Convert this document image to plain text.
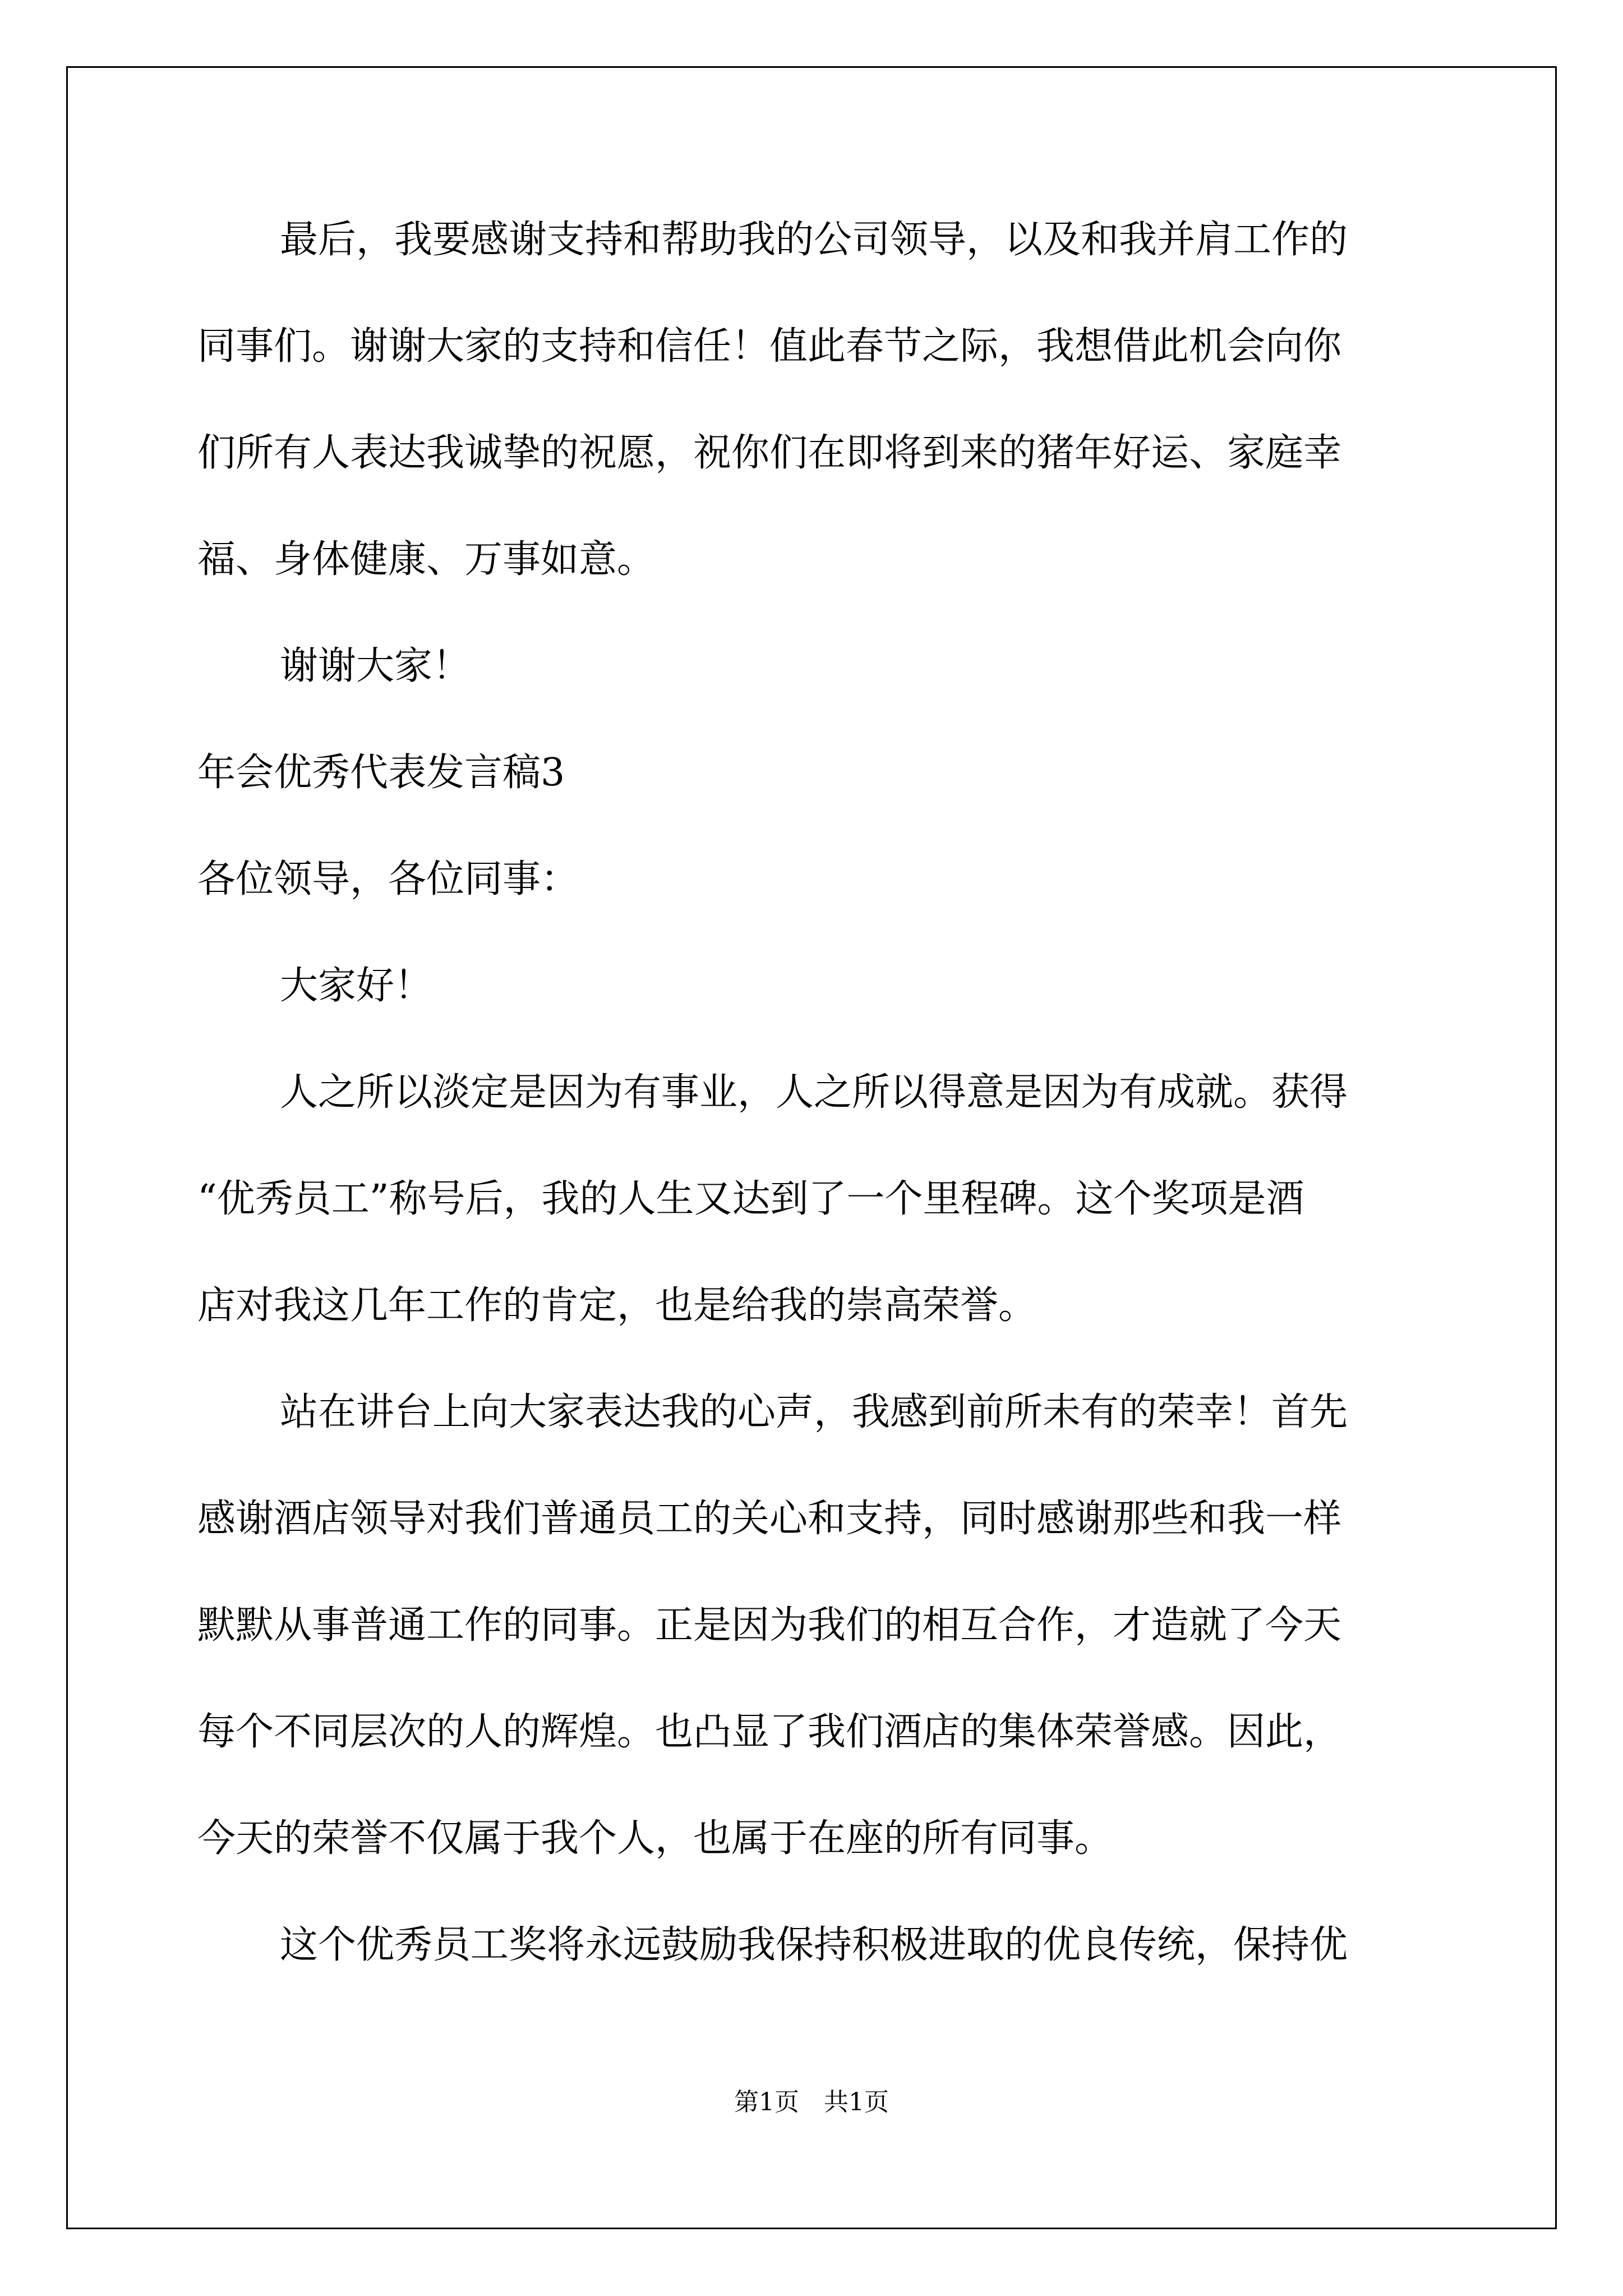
最后，我要感谢支持和帮助我的公司领导，以及和我并肩工作的
同事们。谢谢大家的支持和信任！值此春节之际，我想借此机会向你
们所有人表达我诚挚的祝愿，祝你们在即将到来的猪年好运、家庭幸
福、身体健康、万事如意。
谢谢大家！
年会优秀代表发言稿3
各位领导，各位同事：
大家好！
人之所以淡定是因为有事业，人之所以得意是因为有成就。获得
“优秀员工”称号后，我的人生又达到了一个里程碑。这个奖项是酒
店对我这几年工作的肯定，也是给我的崇高荣誉。
站在讲台上向大家表达我的心声，我感到前所未有的荣幸！首先
感谢酒店领导对我们普通员工的关心和支持，同时感谢那些和我一样
默默从事普通工作的同事。正是因为我们的相互合作，才造就了今天
每个不同层次的人的辉煌。也凸显了我们酒店的集体荣誉感。因此，
今天的荣誉不仅属于我个人，也属于在座的所有同事。
这个优秀员工奖将永远鼓励我保持积极进取的优良传统，保持优
第1页　共1页
